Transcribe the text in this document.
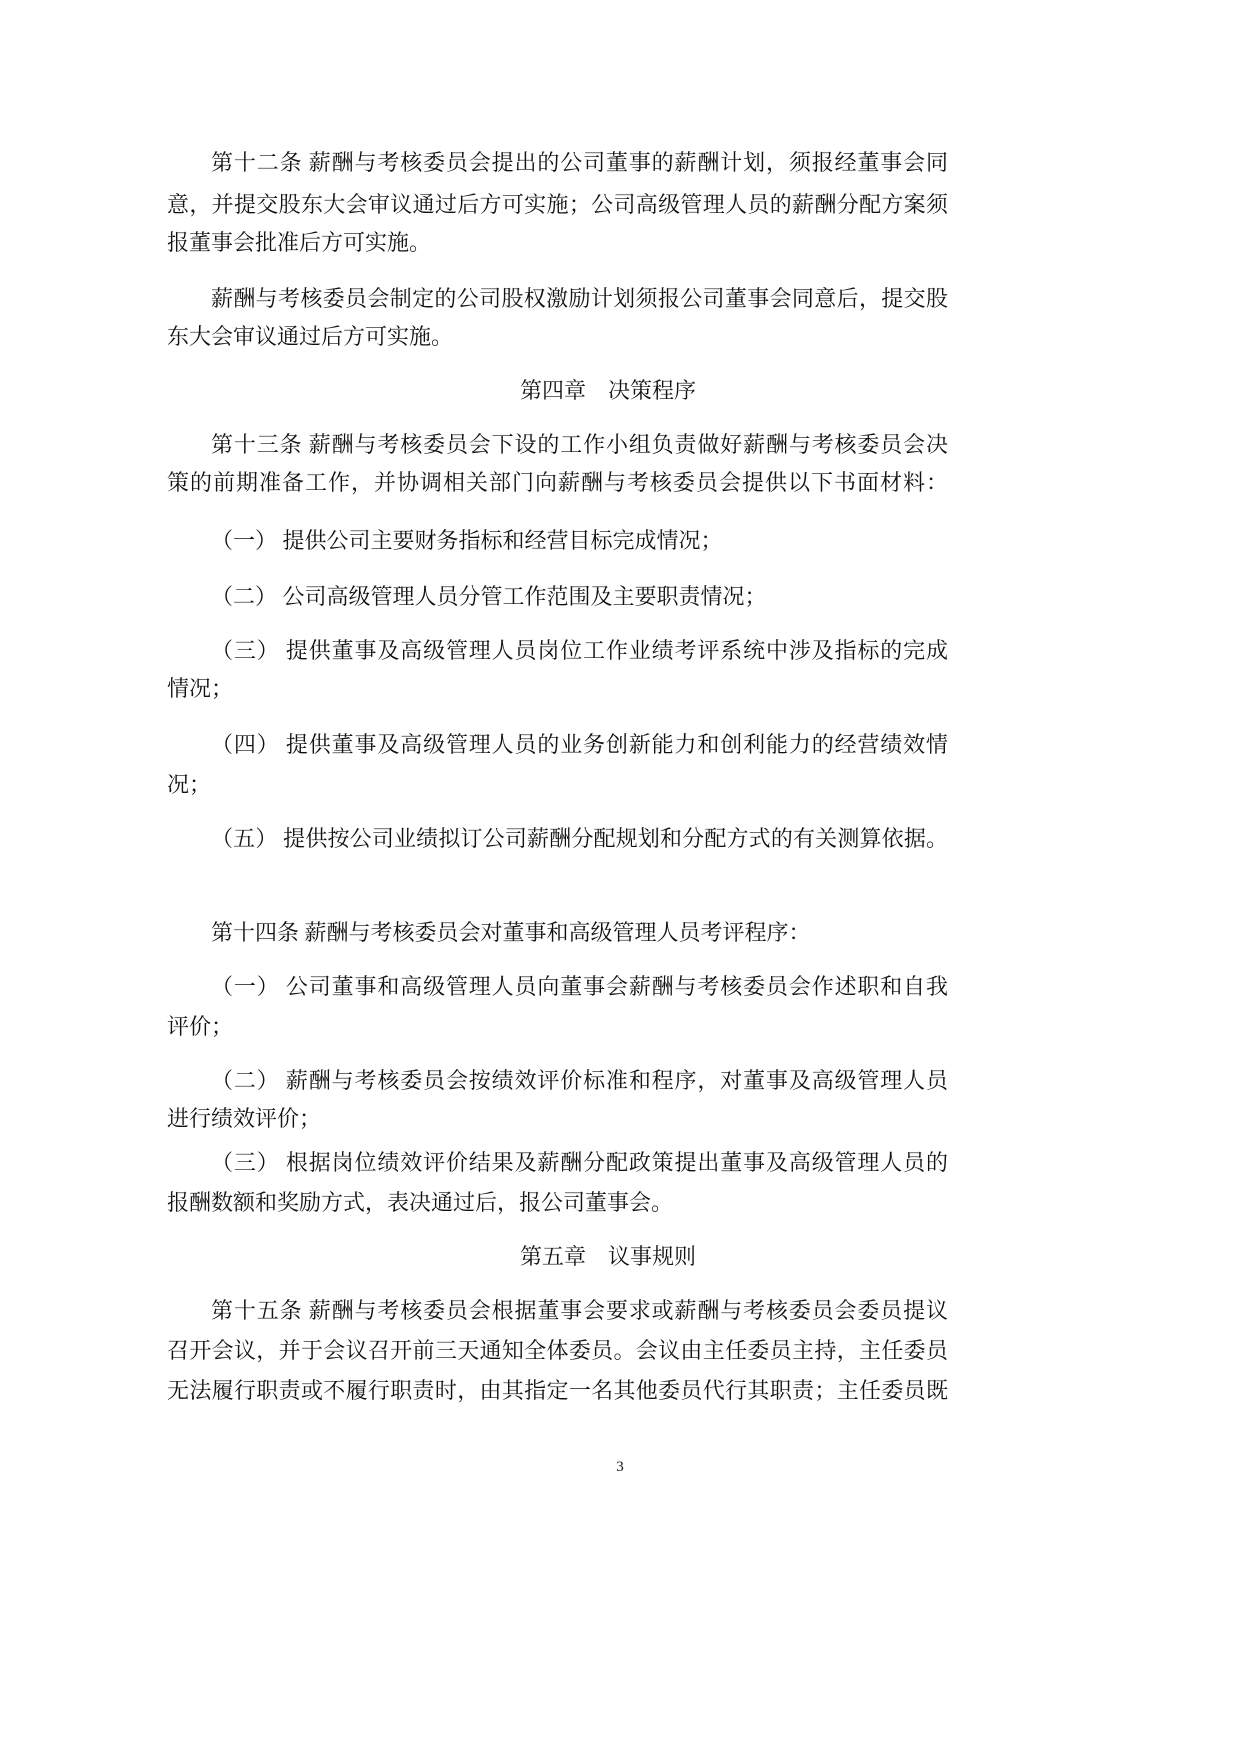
第十二条 薪酬与考核委员会提出的公司董事的薪酬计划，须报经董事会同
意，并提交股东大会审议通过后方可实施；公司高级管理人员的薪酬分配方案须
报董事会批准后方可实施。
薪酬与考核委员会制定的公司股权激励计划须报公司董事会同意后，提交股
东大会审议通过后方可实施。
第四章　决策程序
第十三条 薪酬与考核委员会下设的工作小组负责做好薪酬与考核委员会决
策的前期准备工作，并协调相关部门向薪酬与考核委员会提供以下书面材料：
（一） 提供公司主要财务指标和经营目标完成情况；
（二） 公司高级管理人员分管工作范围及主要职责情况；
（三） 提供董事及高级管理人员岗位工作业绩考评系统中涉及指标的完成
情况；
（四） 提供董事及高级管理人员的业务创新能力和创利能力的经营绩效情
况；
（五） 提供按公司业绩拟订公司薪酬分配规划和分配方式的有关测算依据。
第十四条 薪酬与考核委员会对董事和高级管理人员考评程序：
（一） 公司董事和高级管理人员向董事会薪酬与考核委员会作述职和自我
评价；
（二） 薪酬与考核委员会按绩效评价标准和程序，对董事及高级管理人员
进行绩效评价；
（三） 根据岗位绩效评价结果及薪酬分配政策提出董事及高级管理人员的
报酬数额和奖励方式，表决通过后，报公司董事会。
第五章　议事规则
第十五条 薪酬与考核委员会根据董事会要求或薪酬与考核委员会委员提议
召开会议，并于会议召开前三天通知全体委员。会议由主任委员主持，主任委员
无法履行职责或不履行职责时，由其指定一名其他委员代行其职责；主任委员既
3
